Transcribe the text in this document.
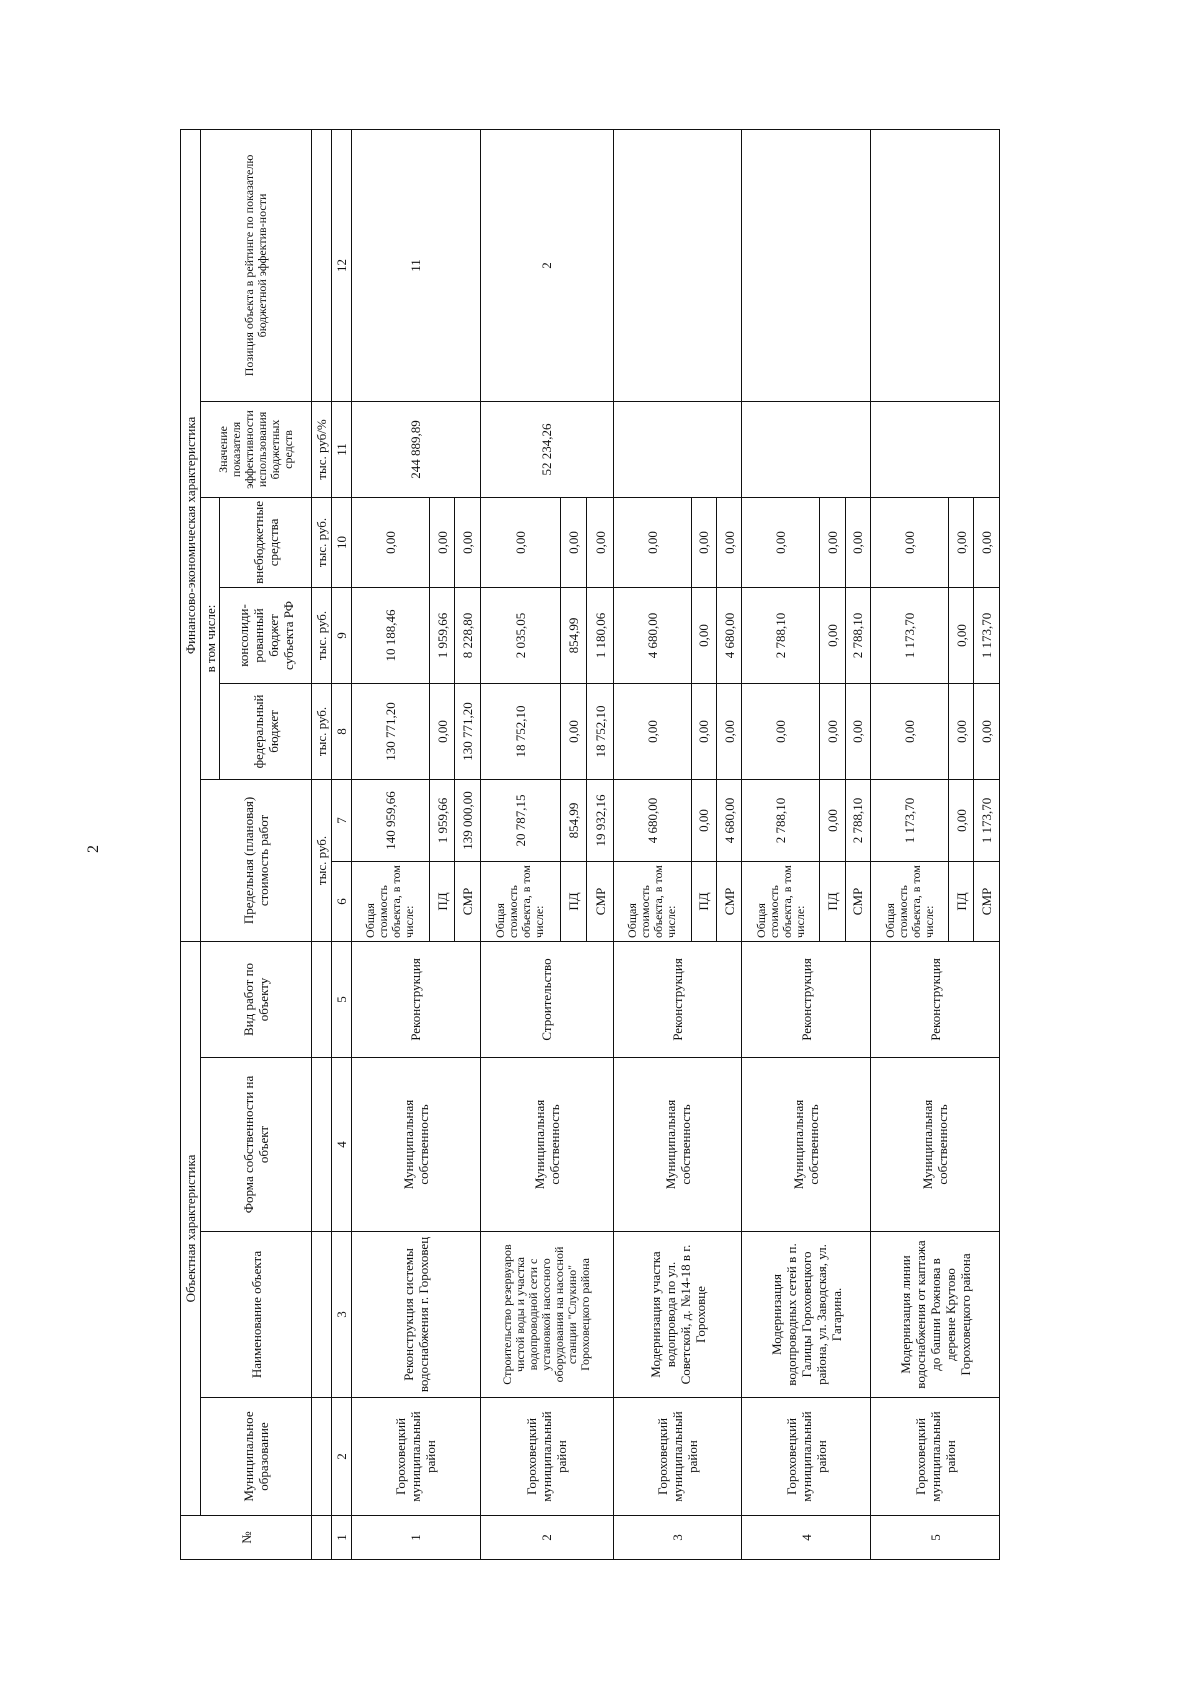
2
№	Объектная характеристика				Финансово-экономическая характеристика						
	Муниципальное образование	Наименование объекта	Форма собственности на объект	Вид работ по объекту	Предельная (плановая) стоимость работ		в том числе:			Значение показателя эффективности использования бюджетных средств	Позиция объекта в рейтинге по показателю бюджетной эффектив-ности
							федеральный бюджет	консолиди-рованный бюджет субъекта РФ	внебюджетные средства		
					тыс. руб.		тыс. руб.	тыс. руб.	тыс. руб.	тыс. руб/%	
1	2	3	4	5	6	7	8	9	10	11	12
1	Гороховецкий муниципальный район	Реконструкция системы водоснабжения г. Гороховец	Муниципальная собственность	Реконструкция	Общая стоимость объекта, в том числе:	140 959,66	130 771,20	10 188,46	0,00	244 889,89	11
					ПД	1 959,66	0,00	1 959,66	0,00		
					СМР	139 000,00	130 771,20	8 228,80	0,00		
2	Гороховецкий муниципальный район	Строительство резервуаров чистой воды и участка водопроводной сети с установкой насосного оборудования на насосной станции "Слукино" Гороховецкого района	Муниципальная собственность	Строительство	Общая стоимость объекта, в том числе:	20 787,15	18 752,10	2 035,05	0,00	52 234,26	2
					ПД	854,99	0,00	854,99	0,00		
					СМР	19 932,16	18 752,10	1 180,06	0,00		
3	Гороховецкий муниципальный район	Модернизация участка водопровода по ул. Советской, д. №14-18 в г. Гороховце	Муниципальная собственность	Реконструкция	Общая стоимость объекта, в том числе:	4 680,00	0,00	4 680,00	0,00		
					ПД	0,00	0,00	0,00	0,00		
					СМР	4 680,00	0,00	4 680,00	0,00		
4	Гороховецкий муниципальный район	Модернизация водопроводных сетей в п. Галицы Гороховецкого района, ул. Заводская, ул. Гагарина.	Муниципальная собственность	Реконструкция	Общая стоимость объекта, в том числе:	2 788,10	0,00	2 788,10	0,00		
					ПД	0,00	0,00	0,00	0,00		
					СМР	2 788,10	0,00	2 788,10	0,00		
5	Гороховецкий муниципальный район	Модернизация линии водоснабжения от каптажа до башни Рожнова в деревне Крутово Гороховецкого района	Муниципальная собственность	Реконструкция	Общая стоимость объекта, в том числе:	1 173,70	0,00	1 173,70	0,00		
					ПД	0,00	0,00	0,00	0,00		
					СМР	1 173,70	0,00	1 173,70	0,00		
